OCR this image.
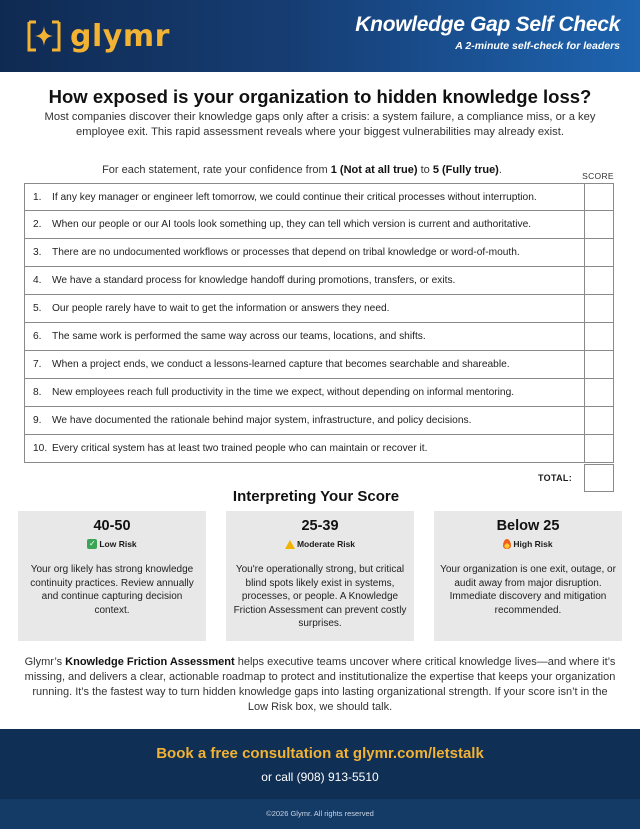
glymr	Knowledge Gap Self Check
A 2-minute self-check for leaders
How exposed is your organization to hidden knowledge loss?
Most companies discover their knowledge gaps only after a crisis: a system failure, a compliance miss, or a key employee exit. This rapid assessment reveals where your biggest vulnerabilities may already exist.
For each statement, rate your confidence from 1 (Not at all true) to 5 (Fully true).	SCORE
1.	If any key manager or engineer left tomorrow, we could continue their critical processes without interruption.
2.	When our people or our AI tools look something up, they can tell which version is current and authoritative.
3.	There are no undocumented workflows or processes that depend on tribal knowledge or word-of-mouth.
4.	We have a standard process for knowledge handoff during promotions, transfers, or exits.
5.	Our people rarely have to wait to get the information or answers they need.
6.	The same work is performed the same way across our teams, locations, and shifts.
7.	When a project ends, we conduct a lessons-learned capture that becomes searchable and shareable.
8.	New employees reach full productivity in the time we expect, without depending on informal mentoring.
9.	We have documented the rationale behind major system, infrastructure, and policy decisions.
10. Every critical system has at least two trained people who can maintain or recover it.
TOTAL:
Interpreting Your Score
40-50
✓ Low Risk
Your org likely has strong knowledge continuity practices. Review annually and continue capturing decision context.
25-39
Moderate Risk
You're operationally strong, but critical blind spots likely exist in systems, processes, or people. A Knowledge Friction Assessment can prevent costly surprises.
Below 25
High Risk
Your organization is one exit, outage, or audit away from major disruption. Immediate discovery and mitigation recommended.
Glymr’s Knowledge Friction Assessment helps executive teams uncover where critical knowledge lives—and where it’s missing, and delivers a clear, actionable roadmap to protect and institutionalize the expertise that keeps your organization running. It’s the fastest way to turn hidden knowledge gaps into lasting organizational strength. If your score isn’t in the Low Risk box, we should talk.
Book a free consultation at glymr.com/letstalk
or call (908) 913-5510
©2026 Glymr. All rights reserved
